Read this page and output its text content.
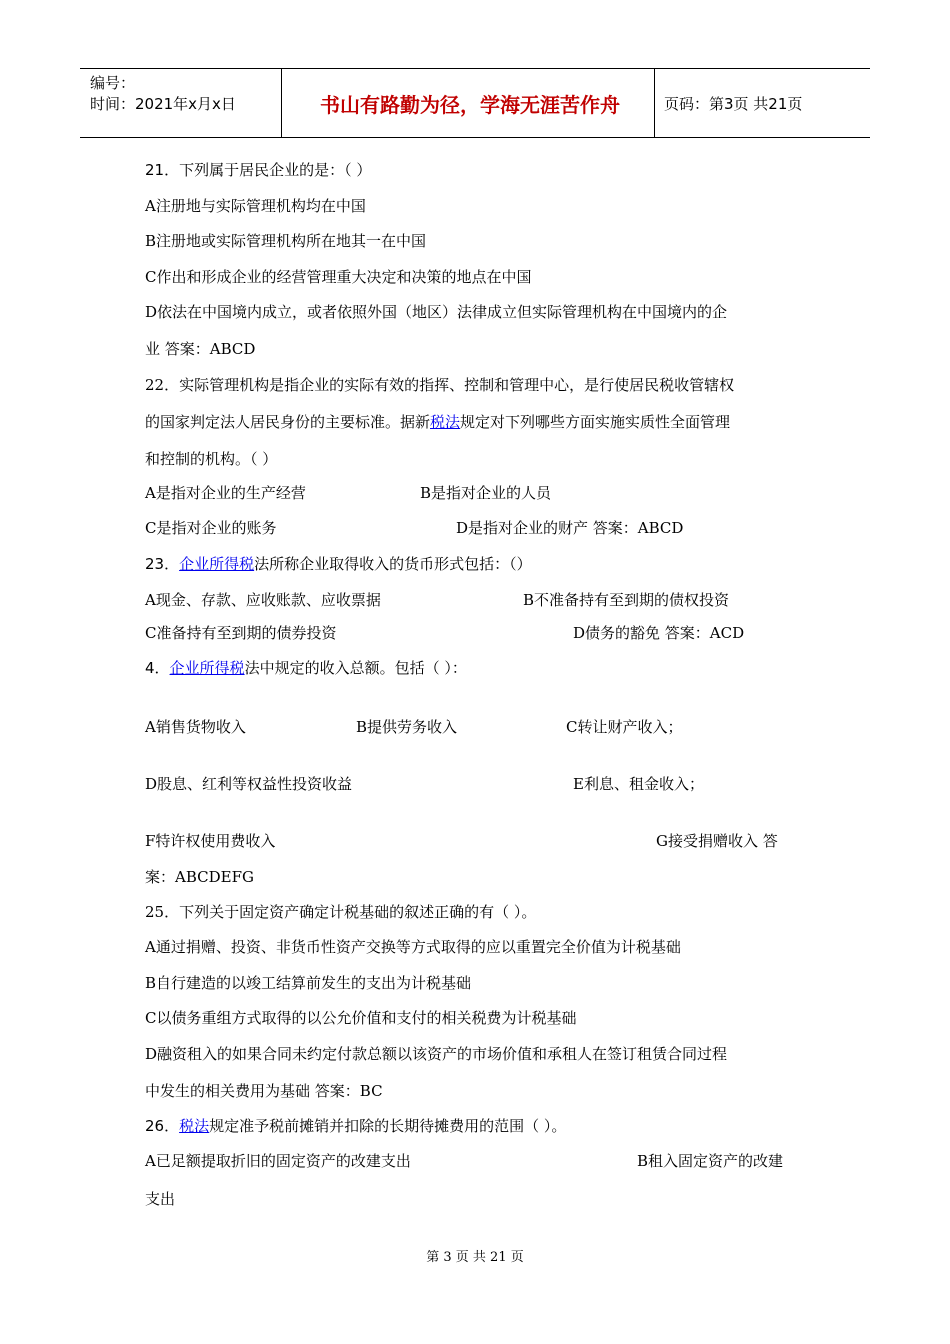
编号：
时间：2021年x月x日	书山有路勤为径，学海无涯苦作舟	页码：第3页 共21页
21．下列属于居民企业的是：（ ）
A注册地与实际管理机构均在中国
B注册地或实际管理机构所在地其一在中国
C作出和形成企业的经营管理重大决定和决策的地点在中国
D依法在中国境内成立，或者依照外国（地区）法律成立但实际管理机构在中国境内的企
业 答案：ABCD
22．实际管理机构是指企业的实际有效的指挥、控制和管理中心，是行使居民税收管辖权
的国家判定法人居民身份的主要标准。据新税法规定对下列哪些方面实施实质性全面管理
和控制的机构。（ ）
A是指对企业的生产经营	B是指对企业的人员
C是指对企业的账务	D是指对企业的财产 答案：ABCD
23．企业所得税法所称企业取得收入的货币形式包括：（）
A现金、存款、应收账款、应收票据	B不准备持有至到期的债权投资
C准备持有至到期的债券投资	D债务的豁免 答案：ACD
4．企业所得税法中规定的收入总额。包括（ ）：
A销售货物收入	B提供劳务收入	C转让财产收入；
D股息、红利等权益性投资收益	E利息、租金收入；
F特许权使用费收入	G接受捐赠收入 答
案：ABCDEFG
25．下列关于固定资产确定计税基础的叙述正确的有（ ）。
A通过捐赠、投资、非货币性资产交换等方式取得的应以重置完全价值为计税基础
B自行建造的以竣工结算前发生的支出为计税基础
C以债务重组方式取得的以公允价值和支付的相关税费为计税基础
D融资租入的如果合同未约定付款总额以该资产的市场价值和承租人在签订租赁合同过程
中发生的相关费用为基础 答案：BC
26．税法规定准予税前摊销并扣除的长期待摊费用的范围（ ）。
A已足额提取折旧的固定资产的改建支出	B租入固定资产的改建
支出
第 3 页 共 21 页
